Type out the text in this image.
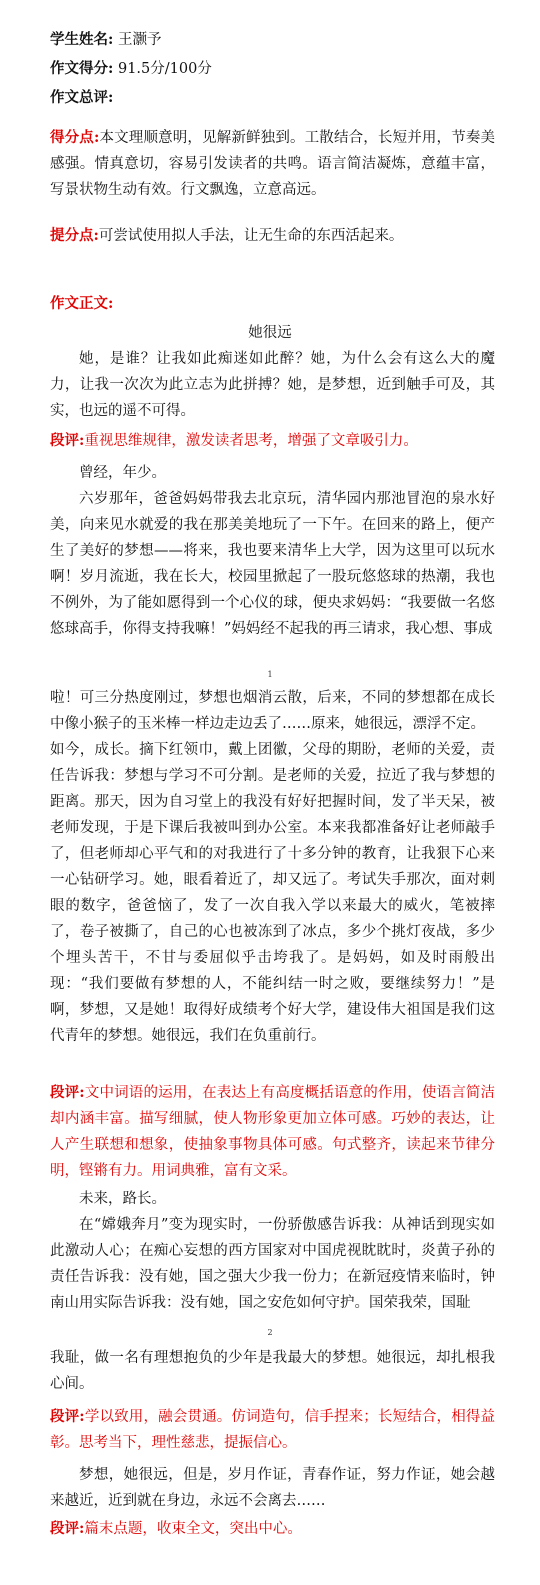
学生姓名: 王灏予
作文得分: 91.5分/100分
作文总评:
得分点:本文理顺意明，见解新鲜独到。工散结合，长短并用，节奏美感强。情真意切，容易引发读者的共鸣。语言简洁凝炼，意蕴丰富，写景状物生动有效。行文飘逸，立意高远。
提分点:可尝试使用拟人手法，让无生命的东西活起来。
作文正文:
她很远
她，是谁？让我如此痴迷如此醉？她，为什么会有这么大的魔力，让我一次次为此立志为此拼搏？她，是梦想，近到触手可及，其实，也远的遥不可得。
段评:重视思维规律，激发读者思考，增强了文章吸引力。
曾经，年少。
六岁那年，爸爸妈妈带我去北京玩，清华园内那池冒泡的泉水好美，向来见水就爱的我在那美美地玩了一下午。在回来的路上，便产生了美好的梦想——将来，我也要来清华上大学，因为这里可以玩水啊！岁月流逝，我在长大，校园里掀起了一股玩悠悠球的热潮，我也不例外，为了能如愿得到一个心仪的球，便央求妈妈：“我要做一名悠悠球高手，你得支持我嘛！”妈妈经不起我的再三请求，我心想、事成
1
啦！可三分热度刚过，梦想也烟消云散，后来，不同的梦想都在成长中像小猴子的玉米棒一样边走边丢了……原来，她很远，漂浮不定。
如今，成长。摘下红领巾，戴上团徽，父母的期盼，老师的关爱，责任告诉我：梦想与学习不可分割。是老师的关爱，拉近了我与梦想的距离。那天，因为自习堂上的我没有好好把握时间，发了半天呆，被老师发现，于是下课后我被叫到办公室。本来我都准备好让老师敲手了，但老师却心平气和的对我进行了十多分钟的教育，让我狠下心来一心钻研学习。她，眼看着近了，却又远了。考试失手那次，面对刺眼的数字，爸爸恼了，发了一次自我入学以来最大的威火，笔被摔了，卷子被撕了，自己的心也被冻到了冰点，多少个挑灯夜战，多少个埋头苦干，不甘与委屈似乎击垮我了。是妈妈，如及时雨般出现：“我们要做有梦想的人，不能纠结一时之败，要继续努力！”是啊，梦想，又是她！取得好成绩考个好大学，建设伟大祖国是我们这代青年的梦想。她很远，我们在负重前行。
段评:文中词语的运用，在表达上有高度概括语意的作用，使语言简洁却内涵丰富。描写细腻，使人物形象更加立体可感。巧妙的表达，让人产生联想和想象，使抽象事物具体可感。句式整齐，读起来节律分明，铿锵有力。用词典雅，富有文采。
未来，路长。
在“嫦娥奔月”变为现实时，一份骄傲感告诉我：从神话到现实如此激动人心；在痴心妄想的西方国家对中国虎视眈眈时，炎黄子孙的责任告诉我：没有她，国之强大少我一份力；在新冠疫情来临时，钟南山用实际告诉我：没有她，国之安危如何守护。国荣我荣，国耻
2
我耻，做一名有理想抱负的少年是我最大的梦想。她很远，却扎根我心间。
段评:学以致用，融会贯通。仿词造句，信手捏来；长短结合，相得益彰。思考当下，理性慈悲，提振信心。
梦想，她很远，但是，岁月作证，青春作证，努力作证，她会越来越近，近到就在身边，永远不会离去……
段评:篇末点题，收束全文，突出中心。
